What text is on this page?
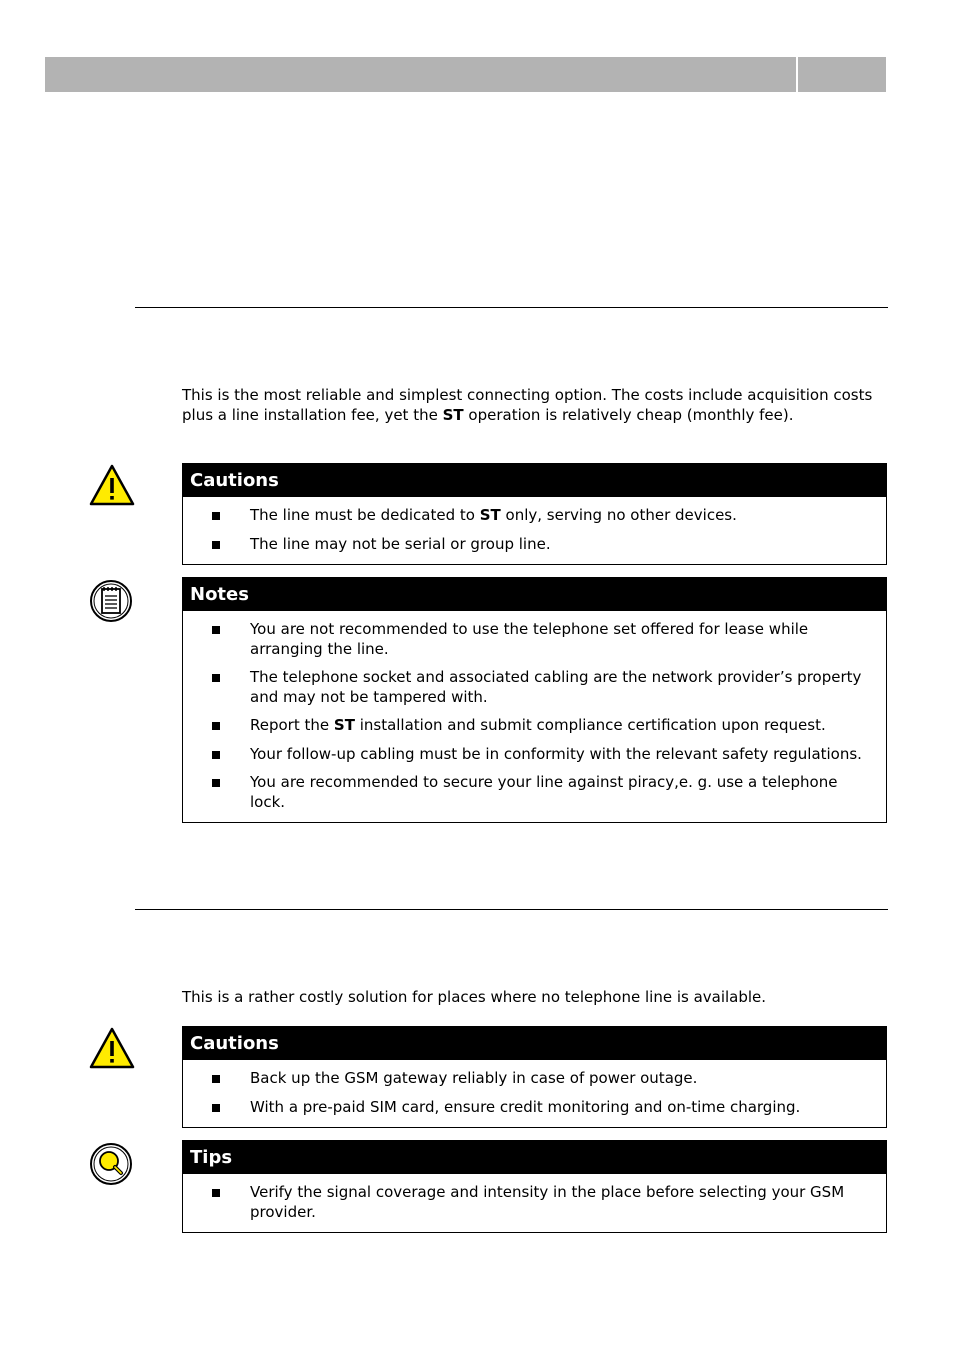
This is the most reliable and simplest connecting option. The costs include acquisition costs plus a line installation fee, yet the ST operation is relatively cheap (monthly fee).

Cautions
The line must be dedicated to ST only, serving no other devices.
The line may not be serial or group line.
Notes
You are not recommended to use the telephone set offered for lease while arranging the line.
The telephone socket and associated cabling are the network provider’s property and may not be tampered with.
Report the ST installation and submit compliance certification upon request.
Your follow-up cabling must be in conformity with the relevant safety regulations.
You are recommended to secure your line against piracy,e. g. use a telephone lock.

This is a rather costly solution for places where no telephone line is available.

Cautions
Back up the GSM gateway reliably in case of power outage.
With a pre-paid SIM card, ensure credit monitoring and on-time charging.
Tips
Verify the signal coverage and intensity in the place before selecting your GSM provider.
